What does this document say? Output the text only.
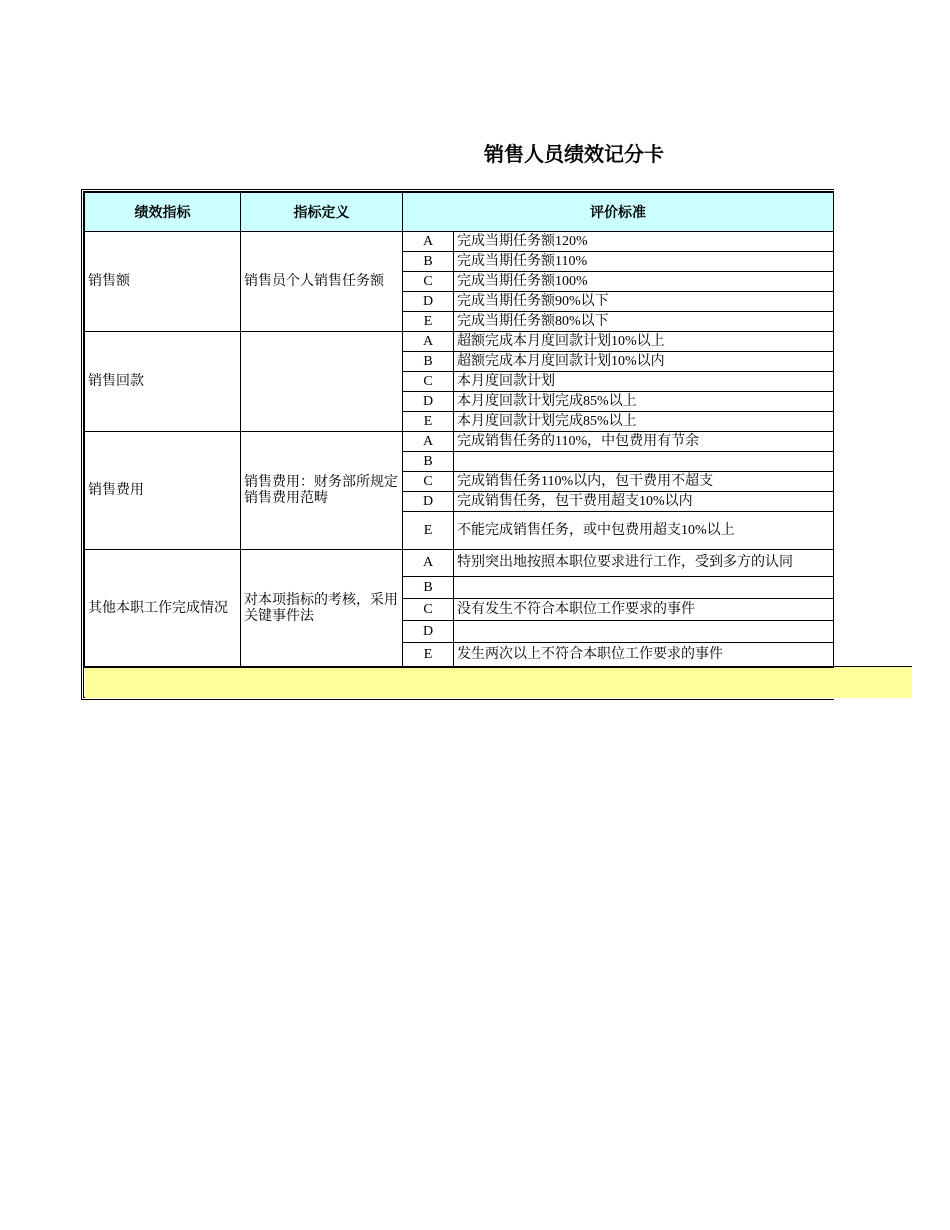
销售人员绩效记分卡
绩效指标	指标定义	评价标准	
销售额	销售员个人销售任务额	A	完成当期任务额120%
		B	完成当期任务额110%
		C	完成当期任务额100%
		D	完成当期任务额90%以下
		E	完成当期任务额80%以下
销售回款		A	超额完成本月度回款计划10%以上
		B	超额完成本月度回款计划10%以内
		C	本月度回款计划
		D	本月度回款计划完成85%以上
		E	本月度回款计划完成85%以上
销售费用	销售费用：财务部所规定销售费用范畴	A	完成销售任务的110%，中包费用有节余
		B	
		C	完成销售任务110%以内，包干费用不超支
		D	完成销售任务，包干费用超支10%以内
		E	不能完成销售任务，或中包费用超支10%以上
其他本职工作完成情况	对本项指标的考核，采用关键事件法	A	特别突出地按照本职位要求进行工作，受到多方的认同
		B	
		C	没有发生不符合本职位工作要求的事件
		D	
		E	发生两次以上不符合本职位工作要求的事件
